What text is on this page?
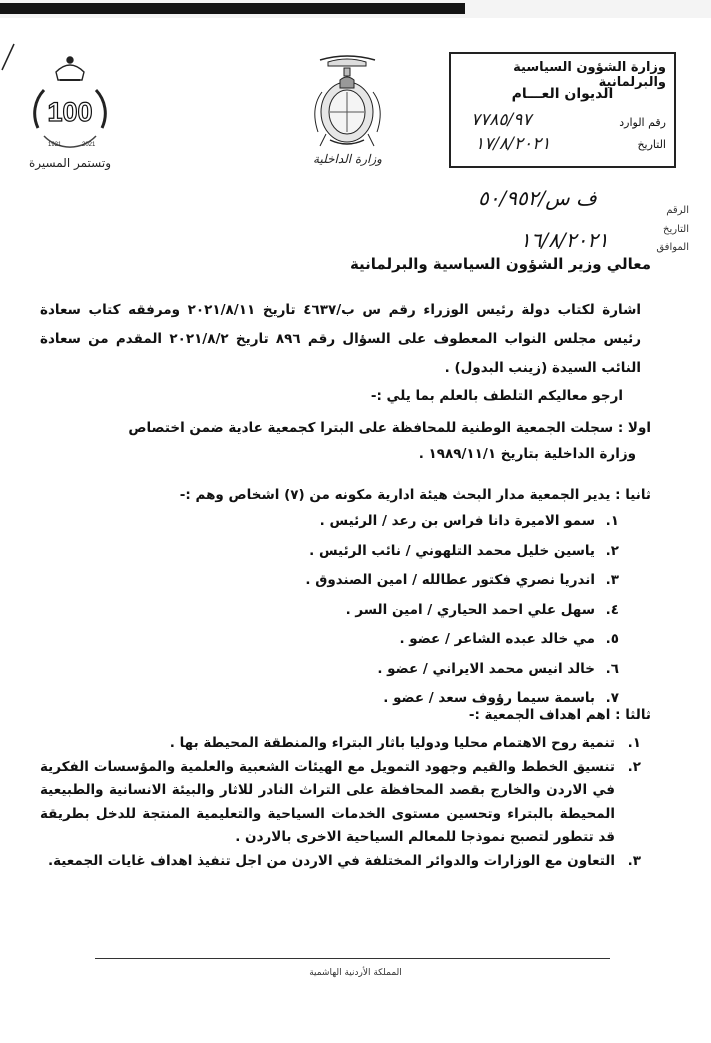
100
1921	2021
وتستمر المسيرة	وزارة الداخلية
وزارة الشؤون السياسية والبرلمانية
الديوان العـــام
رقم الوارد
٧٧٨٥/٩٧
التاريخ
١٧/٨/٢٠٢١
الرقم
ف س/٥٠/٩٥٢
التاريخ
الموافق
١٦/٨/٢٠٢١
معالي وزير الشؤون السياسية والبرلمانية
اشارة لكتاب دولة رئيس الوزراء رقم س ب/٤٦٣٧ تاريخ ٢٠٢١/٨/١١ ومرفقه كتاب سعادة رئيس مجلس النواب المعطوف على السؤال رقم ٨٩٦ تاريخ ٢٠٢١/٨/٢ المقدم من سعادة النائب السيدة (زينب البدول) .
ارجو معاليكم التلطف بالعلم بما يلي :-
اولا : سجلت الجمعية الوطنية للمحافظة على البترا كجمعية عادية ضمن اختصاص
وزارة الداخلية بتاريخ ١٩٨٩/١١/١ .
ثانيا : يدير الجمعية مدار البحث هيئة ادارية مكونه من (٧) اشخاص وهم :-
١.سمو الاميرة دانا فراس بن رعد / الرئيس .
٢.ياسين خليل محمد التلهوني / نائب الرئيس .
٣.اندريا نصري فكتور عطالله / امين الصندوق .
٤.سهل علي احمد الحياري / امين السر .
٥.مي خالد عبده الشاعر / عضو .
٦.خالد انيس محمد الايراني / عضو .
٧.باسمة سيما رؤوف سعد / عضو .
ثالثا : اهم اهداف الجمعية :-
١.
تنمية روح الاهتمام محليا ودوليا باثار البتراء والمنطقة المحيطة بها .
٢.
تنسيق الخطط والقيم وجهود التمويل مع الهيئات الشعبية والعلمية والمؤسسات الفكرية في الاردن والخارج بقصد المحافظة على التراث النادر للاثار والبيئة الانسانية والطبيعية المحيطة بالبتراء وتحسين مستوى الخدمات السياحية والتعليمية المنتجة للدخل بطريقة قد تتطور لتصبح نموذجا للمعالم السياحية الاخرى بالاردن .
٣.
التعاون مع الوزارات والدوائر المختلفة في الاردن من اجل تنفيذ اهداف غايات الجمعية.
المملكة الأردنية الهاشمية
